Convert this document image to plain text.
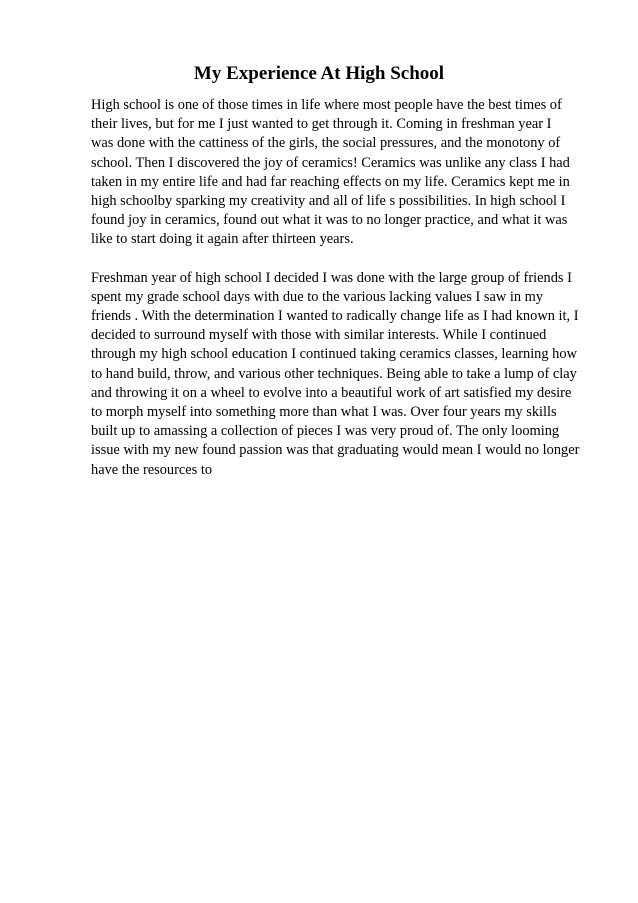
My Experience At High School

High school is one of those times in life where most people have the best times of
their lives, but for me I just wanted to get through it. Coming in freshman year I
was done with the cattiness of the girls, the social pressures, and the monotony of
school. Then I discovered the joy of ceramics! Ceramics was unlike any class I had
taken in my entire life and had far reaching effects on my life. Ceramics kept me in
high schoolby sparking my creativity and all of life s possibilities. In high school I
found joy in ceramics, found out what it was to no longer practice, and what it was
like to start doing it again after thirteen years.

Freshman year of high school I decided I was done with the large group of friends I
spent my grade school days with due to the various lacking values I saw in my
friends . With the determination I wanted to radically change life as I had known it, I
decided to surround myself with those with similar interests. While I continued
through my high school education I continued taking ceramics classes, learning how
to hand build, throw, and various other techniques. Being able to take a lump of clay
and throwing it on a wheel to evolve into a beautiful work of art satisfied my desire
to morph myself into something more than what I was. Over four years my skills
built up to amassing a collection of pieces I was very proud of. The only looming
issue with my new found passion was that graduating would mean I would no longer
have the resources to
